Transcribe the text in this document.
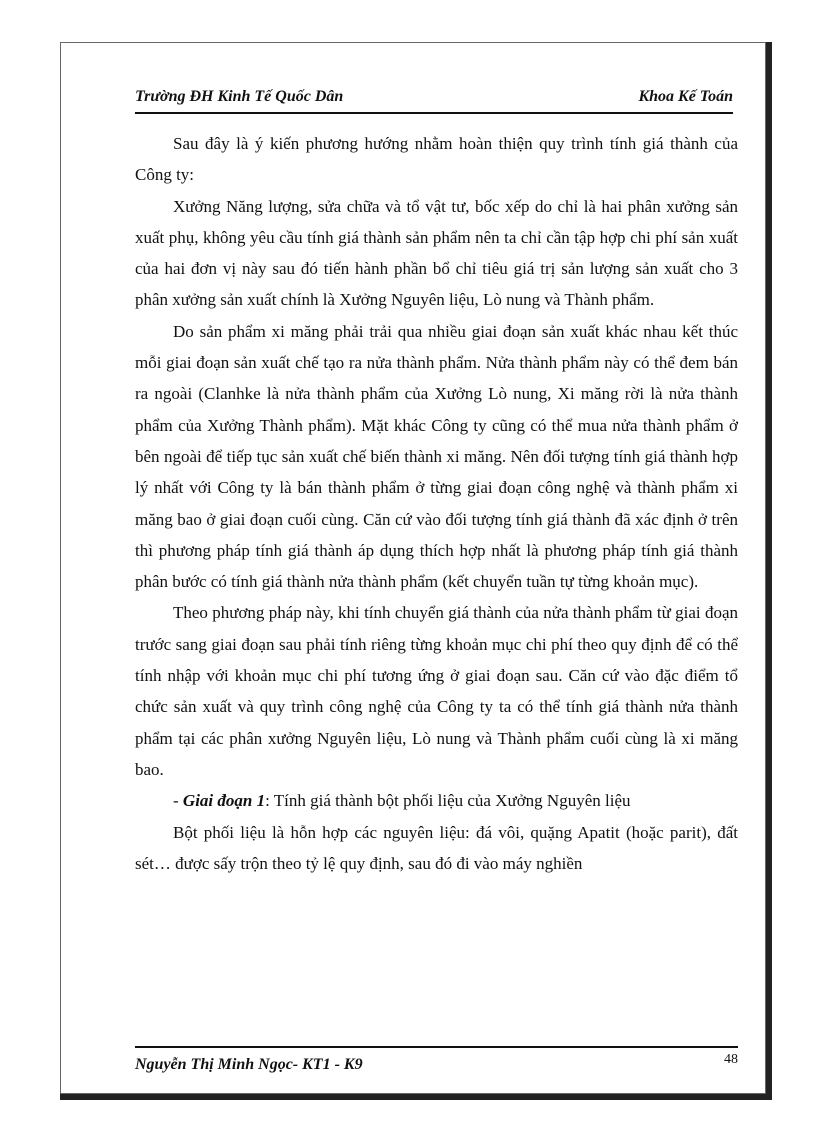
Trường ĐH Kinh Tế Quốc Dân	Khoa Kế Toán

Sau đây là ý kiến phương hướng nhằm hoàn thiện quy trình tính giá thành của Công ty:

Xưởng Năng lượng, sửa chữa và tổ vật tư, bốc xếp do chỉ là hai phân xưởng sản xuất phụ, không yêu cầu tính giá thành sản phẩm nên ta chỉ cần tập hợp chi phí sản xuất của hai đơn vị này sau đó tiến hành phần bổ chỉ tiêu giá trị sản lượng sản xuất cho 3 phân xưởng sản xuất chính là Xưởng Nguyên liệu, Lò nung và Thành phẩm.

Do sản phẩm xi măng phải trải qua nhiều giai đoạn sản xuất khác nhau kết thúc mỗi giai đoạn sản xuất chế tạo ra nửa thành phẩm. Nửa thành phẩm này có thể đem bán ra ngoài (Clanhke là nửa thành phẩm của Xưởng Lò nung, Xi măng rời là nửa thành phẩm của Xưởng Thành phẩm). Mặt khác Công ty cũng có thể mua nửa thành phẩm ở bên ngoài để tiếp tục sản xuất chế biến thành xi măng. Nên đối tượng tính giá thành hợp lý nhất với Công ty là bán thành phẩm ở từng giai đoạn công nghệ và thành phẩm xi măng bao ở giai đoạn cuối cùng. Căn cứ vào đối tượng tính giá thành đã xác định ở trên thì phương pháp tính giá thành áp dụng thích hợp nhất là phương pháp tính giá thành phân bước có tính giá thành nửa thành phẩm (kết chuyển tuần tự từng khoản mục).

Theo phương pháp này, khi tính chuyển giá thành của nửa thành phẩm từ giai đoạn trước sang giai đoạn sau phải tính riêng từng khoản mục chi phí theo quy định để có thể tính nhập với khoản mục chi phí tương ứng ở giai đoạn sau. Căn cứ vào đặc điểm tổ chức sản xuất và quy trình công nghệ của Công ty ta có thể tính giá thành nửa thành phẩm tại các phân xưởng Nguyên liệu, Lò nung và Thành phẩm cuối cùng là xi măng bao.

- Giai đoạn 1: Tính giá thành bột phối liệu của Xưởng Nguyên liệu

Bột phối liệu là hỗn hợp các nguyên liệu: đá vôi, quặng Apatit (hoặc parit), đất sét… được sấy trộn theo tỷ lệ quy định, sau đó đi vào máy nghiền

Nguyễn Thị Minh Ngọc- KT1 - K9	48
